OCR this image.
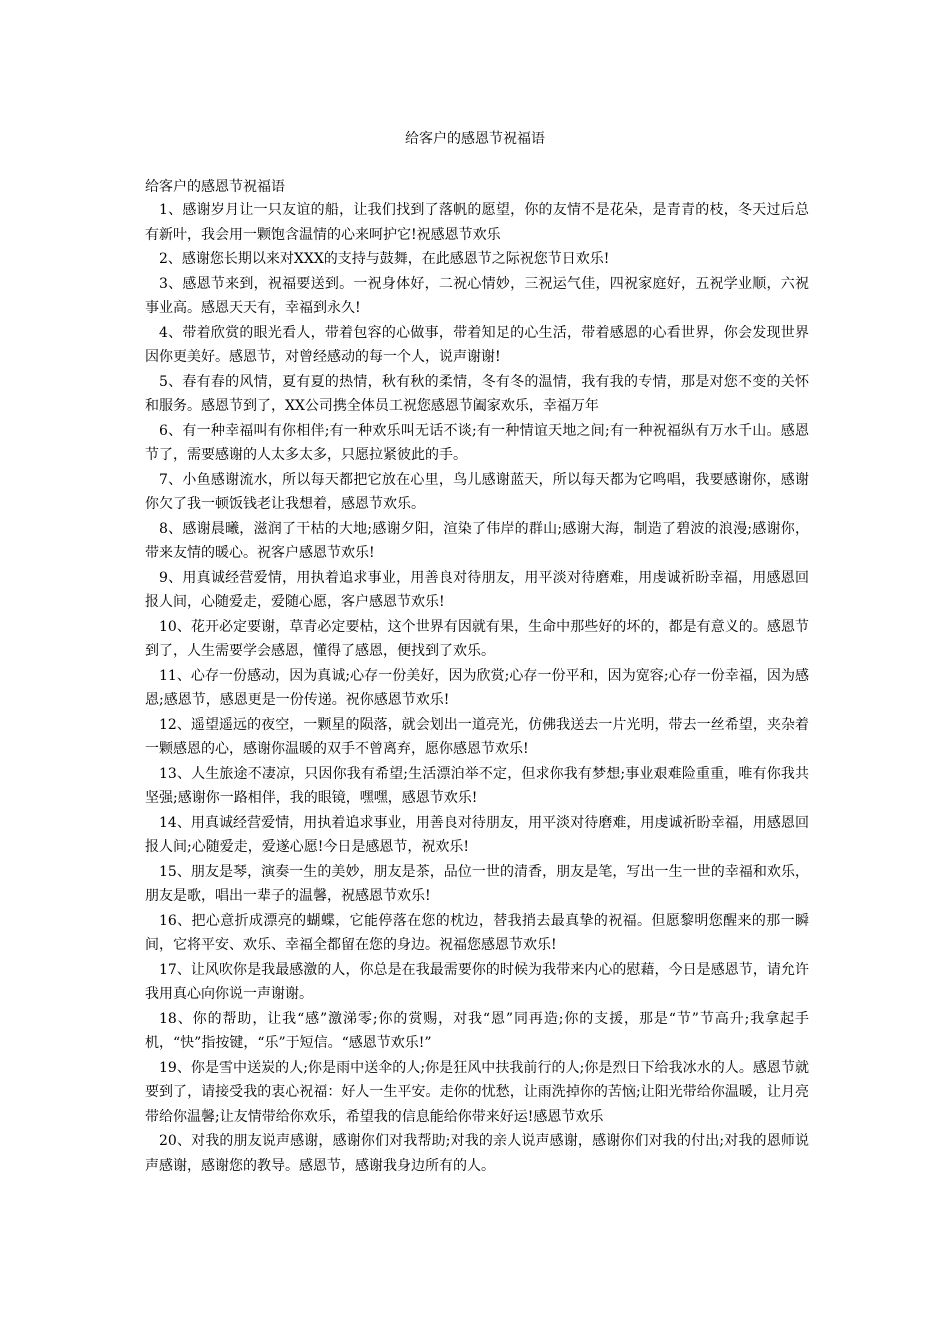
给客户的感恩节祝福语

给客户的感恩节祝福语

1、感谢岁月让一只友谊的船，让我们找到了落帆的愿望，你的友情不是花朵，是青青的枝，冬天过后总有新叶，我会用一颗饱含温情的心来呵护它!祝感恩节欢乐

2、感谢您长期以来对XXX的支持与鼓舞，在此感恩节之际祝您节日欢乐!

3、感恩节来到，祝福要送到。一祝身体好，二祝心情妙，三祝运气佳，四祝家庭好，五祝学业顺，六祝事业高。感恩天天有，幸福到永久!

4、带着欣赏的眼光看人，带着包容的心做事，带着知足的心生活，带着感恩的心看世界，你会发现世界因你更美好。感恩节，对曾经感动的每一个人，说声谢谢!

5、春有春的风情，夏有夏的热情，秋有秋的柔情，冬有冬的温情，我有我的专情，那是对您不变的关怀和服务。感恩节到了，XX公司携全体员工祝您感恩节阖家欢乐，幸福万年

6、有一种幸福叫有你相伴;有一种欢乐叫无话不谈;有一种情谊天地之间;有一种祝福纵有万水千山。感恩节了，需要感谢的人太多太多，只愿拉紧彼此的手。

7、小鱼感谢流水，所以每天都把它放在心里，鸟儿感谢蓝天，所以每天都为它鸣唱，我要感谢你，感谢你欠了我一顿饭钱老让我想着，感恩节欢乐。

8、感谢晨曦，滋润了干枯的大地;感谢夕阳，渲染了伟岸的群山;感谢大海，制造了碧波的浪漫;感谢你，带来友情的暖心。祝客户感恩节欢乐!

9、用真诚经营爱情，用执着追求事业，用善良对待朋友，用平淡对待磨难，用虔诚祈盼幸福，用感恩回报人间，心随爱走，爱随心愿，客户感恩节欢乐!

10、花开必定要谢，草青必定要枯，这个世界有因就有果，生命中那些好的坏的，都是有意义的。感恩节到了，人生需要学会感恩，懂得了感恩，便找到了欢乐。

11、心存一份感动，因为真诚;心存一份美好，因为欣赏;心存一份平和，因为宽容;心存一份幸福，因为感恩;感恩节，感恩更是一份传递。祝你感恩节欢乐!

12、遥望遥远的夜空，一颗星的陨落，就会划出一道亮光，仿佛我送去一片光明，带去一丝希望，夹杂着一颗感恩的心，感谢你温暖的双手不曾离弃，愿你感恩节欢乐!

13、人生旅途不凄凉，只因你我有希望;生活漂泊举不定，但求你我有梦想;事业艰难险重重，唯有你我共坚强;感谢你一路相伴，我的眼镜，嘿嘿，感恩节欢乐!

14、用真诚经营爱情，用执着追求事业，用善良对待朋友，用平淡对待磨难，用虔诚祈盼幸福，用感恩回报人间;心随爱走，爱遂心愿!今日是感恩节，祝欢乐!

15、朋友是琴，演奏一生的美妙，朋友是茶，品位一世的清香，朋友是笔，写出一生一世的幸福和欢乐，朋友是歌，唱出一辈子的温馨，祝感恩节欢乐!

16、把心意折成漂亮的蝴蝶，它能停落在您的枕边，替我捎去最真挚的祝福。但愿黎明您醒来的那一瞬间，它将平安、欢乐、幸福全都留在您的身边。祝福您感恩节欢乐!

17、让风吹你是我最感激的人，你总是在我最需要你的时候为我带来内心的慰藉，今日是感恩节，请允许我用真心向你说一声谢谢。

18、你的帮助，让我“感”激涕零;你的赏赐，对我“恩”同再造;你的支援，那是“节”节高升;我拿起手机，“快”指按键，“乐”于短信。“感恩节欢乐!”

19、你是雪中送炭的人;你是雨中送伞的人;你是狂风中扶我前行的人;你是烈日下给我冰水的人。感恩节就要到了，请接受我的衷心祝福：好人一生平安。走你的忧愁，让雨洗掉你的苦恼;让阳光带给你温暖，让月亮带给你温馨;让友情带给你欢乐，希望我的信息能给你带来好运!感恩节欢乐

20、对我的朋友说声感谢，感谢你们对我帮助;对我的亲人说声感谢，感谢你们对我的付出;对我的恩师说声感谢，感谢您的教导。感恩节，感谢我身边所有的人。
